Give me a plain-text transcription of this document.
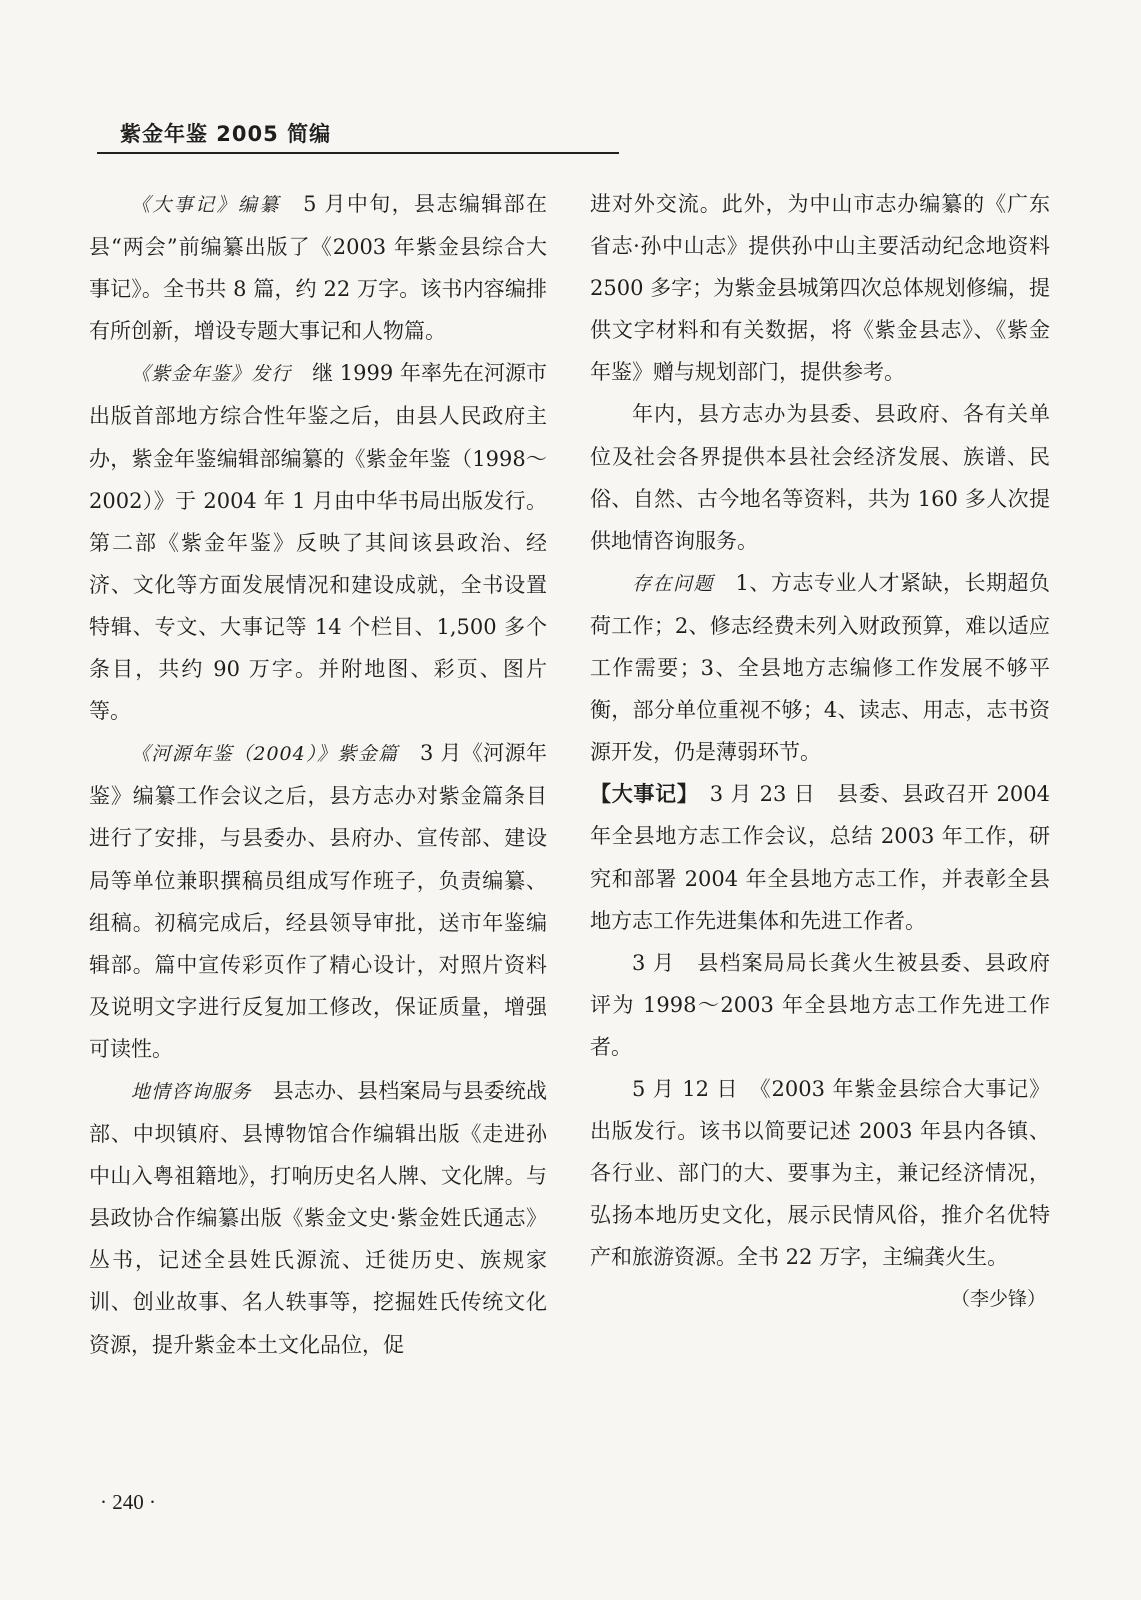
紫金年鉴 2005 简编

《大事记》编纂　 5 月中旬，县志编辑部在县“两会”前编纂出版了《2003 年紫金县综合大事记》。全书共 8 篇，约 22 万字。该书内容编排有所创新，增设专题大事记和人物篇。

《紫金年鉴》发行　 继 1999 年率先在河源市出版首部地方综合性年鉴之后，由县人民政府主办，紫金年鉴编辑部编纂的《紫金年鉴（1998～2002）》于 2004 年 1 月由中华书局出版发行。第二部《紫金年鉴》反映了其间该县政治、经济、文化等方面发展情况和建设成就，全书设置特辑、专文、大事记等 14 个栏目、1,500 多个条目，共约 90 万字。并附地图、彩页、图片等。

《河源年鉴（2004）》紫金篇　 3 月《河源年鉴》编纂工作会议之后，县方志办对紫金篇条目进行了安排，与县委办、县府办、宣传部、建设局等单位兼职撰稿员组成写作班子，负责编纂、组稿。初稿完成后，经县领导审批，送市年鉴编辑部。篇中宣传彩页作了精心设计，对照片资料及说明文字进行反复加工修改，保证质量，增强可读性。

地情咨询服务　 县志办、县档案局与县委统战部、中坝镇府、县博物馆合作编辑出版《走进孙中山入粤祖籍地》，打响历史名人牌、文化牌。与县政协合作编纂出版《紫金文史·紫金姓氏通志》丛书，记述全县姓氏源流、迁徙历史、族规家训、创业故事、名人轶事等，挖掘姓氏传统文化资源，提升紫金本土文化品位，促

进对外交流。此外，为中山市志办编纂的《广东省志·孙中山志》提供孙中山主要活动纪念地资料 2500 多字；为紫金县城第四次总体规划修编，提供文字材料和有关数据，将《紫金县志》、《紫金年鉴》赠与规划部门，提供参考。

年内，县方志办为县委、县政府、各有关单位及社会各界提供本县社会经济发展、族谱、民俗、自然、古今地名等资料，共为 160 多人次提供地情咨询服务。

存在问题　 1、方志专业人才紧缺，长期超负荷工作；2、修志经费未列入财政预算，难以适应工作需要；3、全县地方志编修工作发展不够平衡，部分单位重视不够；4、读志、用志，志书资源开发，仍是薄弱环节。

【大事记】　 3 月 23 日　县委、县政召开 2004 年全县地方志工作会议，总结 2003 年工作，研究和部署 2004 年全县地方志工作，并表彰全县地方志工作先进集体和先进工作者。

3 月　县档案局局长龚火生被县委、县政府评为 1998～2003 年全县地方志工作先进工作者。

5 月 12 日　《2003 年紫金县综合大事记》出版发行。该书以简要记述 2003 年县内各镇、各行业、部门的大、要事为主，兼记经济情况，弘扬本地历史文化，展示民情风俗，推介名优特产和旅游资源。全书 22 万字，主编龚火生。

（李少锋）

· 240 ·
